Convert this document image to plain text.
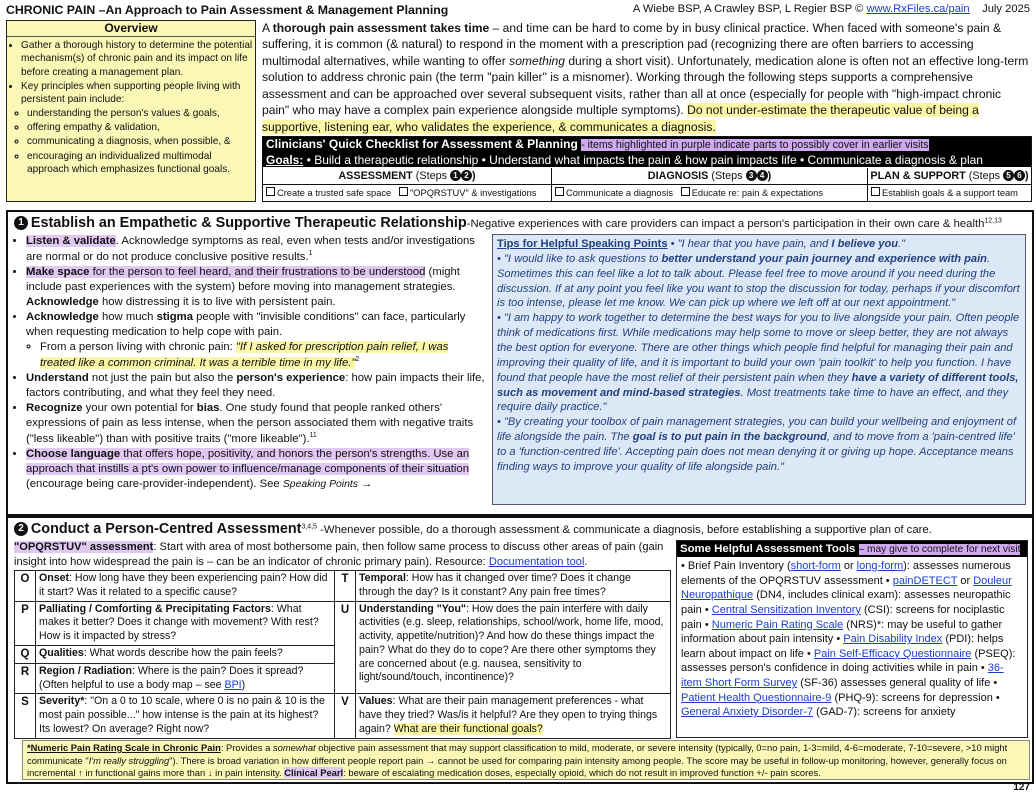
CHRONIC PAIN –An Approach to Pain Assessment & Management Planning	A Wiebe BSP, A Crawley BSP, L Regier BSP © www.RxFiles.ca/pain July 2025
Overview
• Gather a thorough history to determine the potential mechanism(s) of chronic pain and its impact on life before creating a management plan.
• Key principles when supporting people living with persistent pain include:
◦ understanding the person's values & goals,
◦ offering empathy & validation,
◦ communicating a diagnosis, when possible, &
◦ encouraging an individualized multimodal approach which emphasizes functional goals.
A thorough pain assessment takes time – and time can be hard to come by in busy clinical practice. When faced with someone's pain & suffering, it is common (& natural) to respond in the moment with a prescription pad (recognizing there are often barriers to accessing multimodal alternatives, while wanting to offer something during a short visit). Unfortunately, medication alone is often not an effective long-term solution to address chronic pain (the term "pain killer" is a misnomer). Working through the following steps supports a comprehensive assessment and can be approached over several subsequent visits, rather than all at once (especially for people with "high-impact chronic pain" who may have a complex pain experience alongside multiple symptoms). Do not under-estimate the therapeutic value of being a supportive, listening ear, who validates the experience, & communicates a diagnosis.
Clinicians' Quick Checklist for Assessment & Planning - items highlighted in purple indicate parts to possibly cover in earlier visits
Goals: • Build a therapeutic relationship • Understand what impacts the pain & how pain impacts life • Communicate a diagnosis & plan
ASSESSMENT (Steps 1 2 )
Create a trusted safe space "OPQRSTUV" & investigations
DIAGNOSIS (Steps 3 4 )
Communicate a diagnosis Educate re: pain & expectations
PLAN & SUPPORT (Steps 5 6 )
Establish goals & a support team
1 Establish an Empathetic & Supportive Therapeutic Relationship-Negative experiences with care providers can impact a person's participation in their own care & health$^{12,13}$
• Listen & validate. Acknowledge symptoms as real, even when tests and/or investigations are normal or do not produce conclusive positive results.$^1$
• Make space for the person to feel heard, and their frustrations to be understood (might include past experiences with the system) before moving into management strategies. Acknowledge how distressing it is to live with persistent pain.
• Acknowledge how much stigma people with "invisible conditions" can face, particularly when requesting medication to help cope with pain.
◦ From a person living with chronic pain: "If I asked for prescription pain relief, I was treated like a common criminal. It was a terrible time in my life."$^2$
• Understand not just the pain but also the person's experience: how pain impacts their life, factors contributing, and what they feel they need.
• Recognize your own potential for bias. One study found that people ranked others' expressions of pain as less intense, when the person associated them with negative traits ("less likeable") than with positive traits ("more likeable").$^{11}$
• Choose language that offers hope, positivity, and honors the person's strengths. Use an approach that instills a pt's own power to influence/manage components of their situation (encourage being care-provider-independent). See Speaking Points →
Tips for Helpful Speaking Points • "I hear that you have pain, and I believe you."
• "I would like to ask questions to better understand your pain journey and experience with pain. Sometimes this can feel like a lot to talk about. Please feel free to move around if you need during the discussion. If at any point you feel like you want to stop the discussion for today, perhaps if your discomfort is too intense, please let me know. We can pick up where we left off at our next appointment."
• "I am happy to work together to determine the best ways for you to live alongside your pain. Often people think of medications first. While medications may help some to move or sleep better, they are not always the best option for everyone. There are other things which people find helpful for managing their pain and improving their quality of life, and it is important to build your own 'pain toolkit' to help you function. I have found that people have the most relief of their persistent pain when they have a variety of different tools, such as movement and mind-based strategies. Most treatments take time to have an effect, and they require daily practice."
• "By creating your toolbox of pain management strategies, you can build your wellbeing and enjoyment of life alongside the pain. The goal is to put pain in the background, and to move from a 'pain-centred life' to a 'function-centred life'. Accepting pain does not mean denying it or giving up hope. Acceptance means finding ways to improve your quality of life alongside pain."
2 Conduct a Person-Centred Assessment$^{3,4,5}$ -Whenever possible, do a thorough assessment & communicate a diagnosis, before establishing a supportive plan of care.
"OPQRSTUV" assessment: Start with area of most bothersome pain, then follow same process to discuss other areas of pain (gain insight into how widespread the pain is – can be an indicator of chronic primary pain). Resource: Documentation tool.
O	Onset: How long have they been experiencing pain? How did it start? Was it related to a specific cause?	T	Temporal: How has it changed over time? Does it change through the day? Is it constant? Any pain free times?
P	Palliating / Comforting & Precipitating Factors: What makes it better? Does it change with movement? With rest? How is it impacted by stress?	U	Understanding "You": How does the pain interfere with daily activities (e.g. sleep, relationships, school/work, home life, mood, activity, appetite/nutrition)? And how do these things impact the pain? What do they do to cope? Are there other symptoms they are concerned about (e.g. nausea, sensitivity to light/sound/touch, incontinence)?
Q	Qualities: What words describe how the pain feels?		
R	Region / Radiation: Where is the pain? Does it spread? (Often helpful to use a body map – see BPI)		
S	Severity*: "On a 0 to 10 scale, where 0 is no pain & 10 is the most pain possible..." how intense is the pain at its highest? Its lowest? On average? Right now?	V	Values: What are their pain management preferences - what have they tried? Was/is it helpful? Are they open to trying things again? What are their functional goals?
Some Helpful Assessment Tools – may give to complete for next visit
• Brief Pain Inventory (short-form or long-form): assesses numerous elements of the OPQRSTUV assessment • painDETECT or Douleur Neuropathique (DN4, includes clinical exam): assesses neuropathic pain • Central Sensitization Inventory (CSI): screens for nociplastic pain • Numeric Pain Rating Scale (NRS)*: may be useful to gather information about pain intensity • Pain Disability Index (PDI): helps learn about impact on life • Pain Self-Efficacy Questionnaire (PSEQ): assesses person's confidence in doing activities while in pain • 36-item Short Form Survey (SF-36) assesses general quality of life • Patient Health Questionnaire-9 (PHQ-9): screens for depression • General Anxiety Disorder-7 (GAD-7): screens for anxiety
*Numeric Pain Rating Scale in Chronic Pain: Provides a somewhat objective pain assessment that may support classification to mild, moderate, or severe intensity (typically, 0=no pain, 1-3=mild, 4-6=moderate, 7-10=severe, >10 might communicate "I'm really struggling"). There is broad variation in how different people report pain → cannot be used for comparing pain intensity among people. The score may be useful in follow-up monitoring, however, generally focus on incremental ↑ in functional gains more than ↓ in pain intensity. Clinical Pearl: beware of escalating medication doses, especially opioid, which do not result in improved function +/- pain scores.
127
